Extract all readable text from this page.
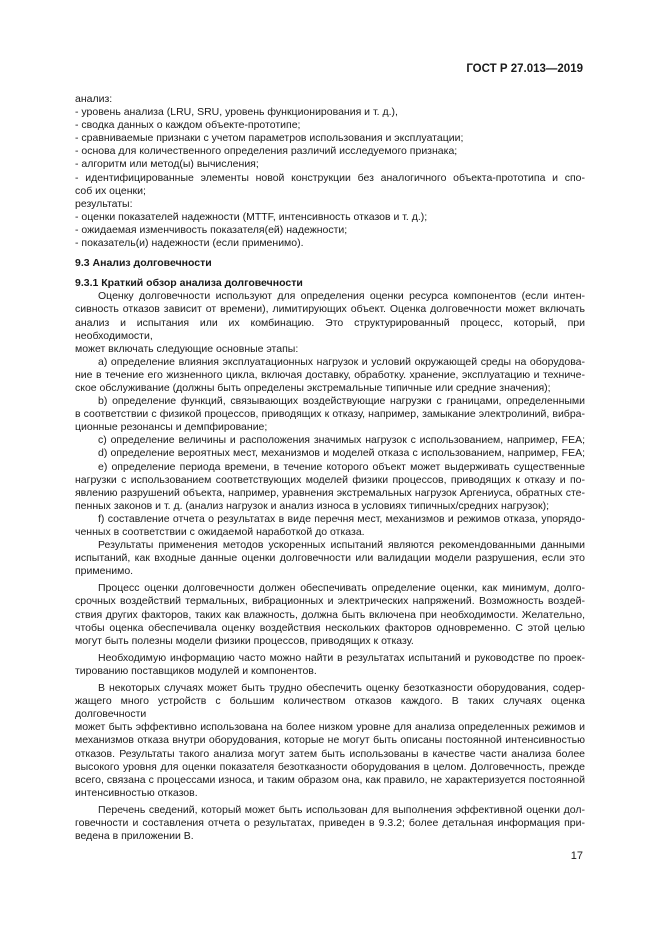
ГОСТ Р 27.013—2019
анализ:
- уровень анализа (LRU, SRU, уровень функционирования и т. д.),
- сводка данных о каждом объекте-прототипе;
- сравниваемые признаки с учетом параметров использования и эксплуатации;
- основа для количественного определения различий исследуемого признака;
- алгоритм или метод(ы) вычисления;
- идентифицированные элементы новой конструкции без аналогичного объекта-прототипа и спо-
соб их оценки;
результаты:
- оценки показателей надежности (MTTF, интенсивность отказов и т. д.);
- ожидаемая изменчивость показателя(ей) надежности;
- показатель(и) надежности (если применимо).
9.3 Анализ долговечности
9.3.1 Краткий обзор анализа долговечности
Оценку долговечности используют для определения оценки ресурса компонентов (если интен-
сивность отказов зависит от времени), лимитирующих объект. Оценка долговечности может включать
анализ и испытания или их комбинацию. Это структурированный процесс, который, при необходимости,
может включать следующие основные этапы:
a) определение влияния эксплуатационных нагрузок и условий окружающей среды на оборудова-
ние в течение его жизненного цикла, включая доставку, обработку. хранение, эксплуатацию и техниче-
ское обслуживание (должны быть определены экстремальные типичные или средние значения);
b) определение функций, связывающих воздействующие нагрузки с границами, определенными
в соответствии с физикой процессов, приводящих к отказу, например, замыкание электролиний, вибра-
ционные резонансы и демпфирование;
c) определение величины и расположения значимых нагрузок с использованием, например, FEA;
d) определение вероятных мест, механизмов и моделей отказа с использованием, например, FEA;
e) определение периода времени, в течение которого объект может выдерживать существенные
нагрузки с использованием соответствующих моделей физики процессов, приводящих к отказу и по-
явлению разрушений объекта, например, уравнения экстремальных нагрузок Аргениуса, обратных сте-
пенных законов и т. д. (анализ нагрузок и анализ износа в условиях типичных/средних нагрузок);
f) составление отчета о результатах в виде перечня мест, механизмов и режимов отказа, упорядо-
ченных в соответствии с ожидаемой наработкой до отказа.
Результаты применения методов ускоренных испытаний являются рекомендованными данными
испытаний, как входные данные оценки долговечности или валидации модели разрушения, если это
применимо.
Процесс оценки долговечности должен обеспечивать определение оценки, как минимум, долго-
срочных воздействий термальных, вибрационных и электрических напряжений. Возможность воздей-
ствия других факторов, таких как влажность, должна быть включена при необходимости. Желательно,
чтобы оценка обеспечивала оценку воздействия нескольких факторов одновременно. С этой целью
могут быть полезны модели физики процессов, приводящих к отказу.
Необходимую информацию часто можно найти в результатах испытаний и руководстве по проек-
тированию поставщиков модулей и компонентов.
В некоторых случаях может быть трудно обеспечить оценку безотказности оборудования, содер-
жащего много устройств с большим количеством отказов каждого. В таких случаях оценка долговечности
может быть эффективно использована на более низком уровне для анализа определенных режимов и
механизмов отказа внутри оборудования, которые не могут быть описаны постоянной интенсивностью
отказов. Результаты такого анализа могут затем быть использованы в качестве части анализа более
высокого уровня для оценки показателя безотказности оборудования в целом. Долговечность, прежде
всего, связана с процессами износа, и таким образом она, как правило, не характеризуется постоянной
интенсивностью отказов.
Перечень сведений, который может быть использован для выполнения эффективной оценки дол-
говечности и составления отчета о результатах, приведен в 9.3.2; более детальная информация при-
ведена в приложении В.
17
